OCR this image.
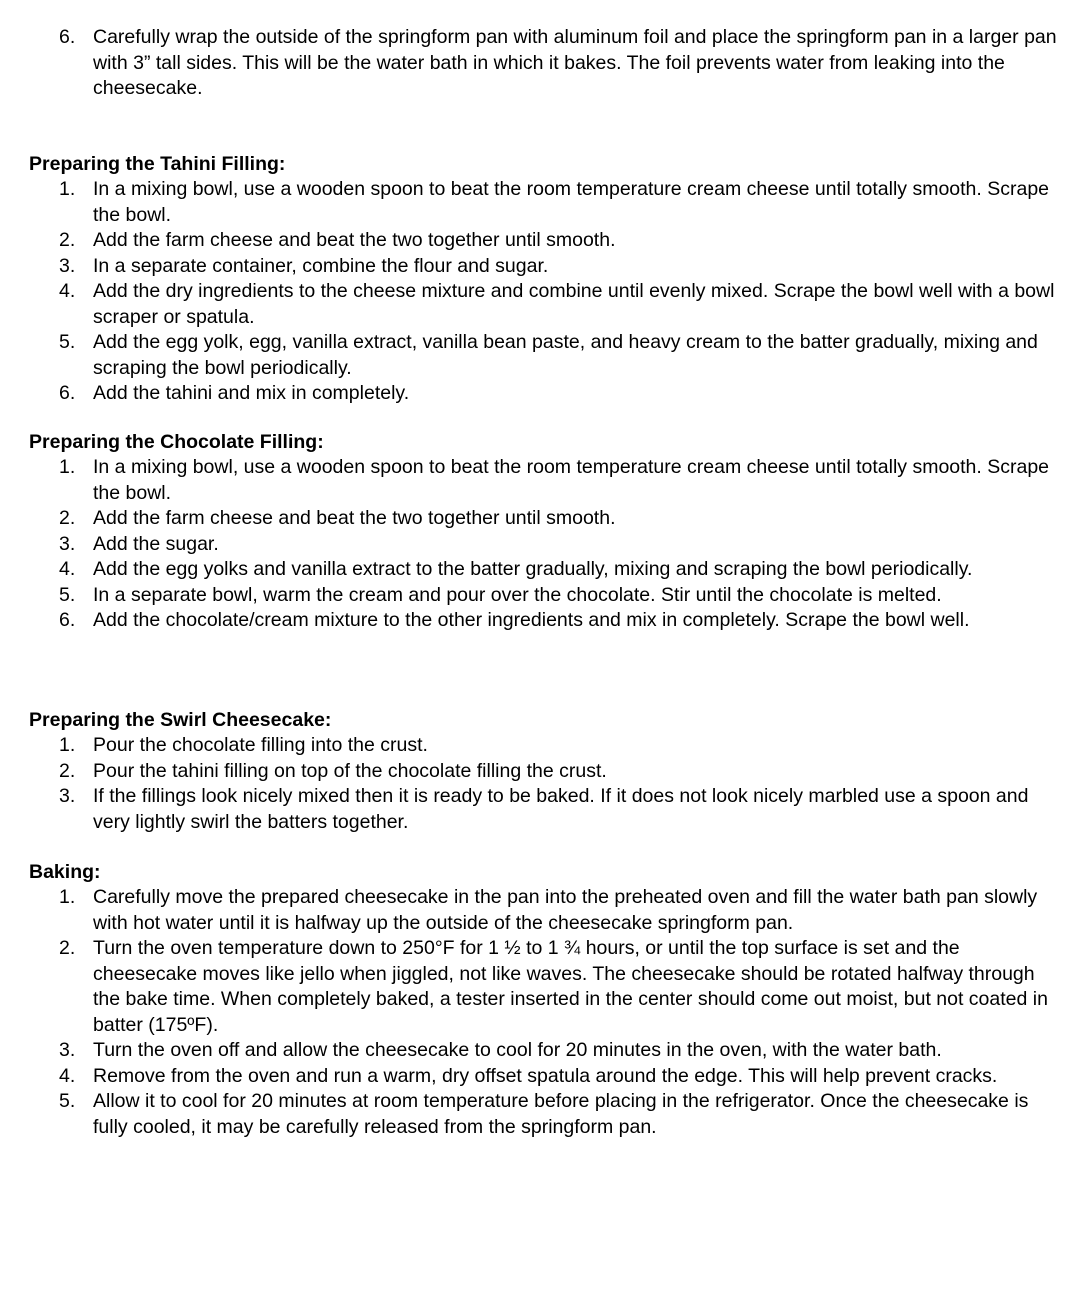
6. Carefully wrap the outside of the springform pan with aluminum foil and place the springform pan in a larger pan with 3” tall sides. This will be the water bath in which it bakes. The foil prevents water from leaking into the cheesecake.
Preparing the Tahini Filling:
1. In a mixing bowl, use a wooden spoon to beat the room temperature cream cheese until totally smooth. Scrape the bowl.
2. Add the farm cheese and beat the two together until smooth.
3. In a separate container, combine the flour and sugar.
4. Add the dry ingredients to the cheese mixture and combine until evenly mixed. Scrape the bowl well with a bowl scraper or spatula.
5. Add the egg yolk, egg, vanilla extract, vanilla bean paste, and heavy cream to the batter gradually, mixing and scraping the bowl periodically.
6. Add the tahini and mix in completely.
Preparing the Chocolate Filling:
1. In a mixing bowl, use a wooden spoon to beat the room temperature cream cheese until totally smooth. Scrape the bowl.
2. Add the farm cheese and beat the two together until smooth.
3. Add the sugar.
4. Add the egg yolks and vanilla extract to the batter gradually, mixing and scraping the bowl periodically.
5. In a separate bowl, warm the cream and pour over the chocolate. Stir until the chocolate is melted.
6. Add the chocolate/cream mixture to the other ingredients and mix in completely. Scrape the bowl well.
Preparing the Swirl Cheesecake:
1. Pour the chocolate filling into the crust.
2. Pour the tahini filling on top of the chocolate filling the crust.
3. If the fillings look nicely mixed then it is ready to be baked. If it does not look nicely marbled use a spoon and very lightly swirl the batters together.
Baking:
1. Carefully move the prepared cheesecake in the pan into the preheated oven and fill the water bath pan slowly with hot water until it is halfway up the outside of the cheesecake springform pan.
2. Turn the oven temperature down to 250°F for 1 ½ to 1 ¾ hours, or until the top surface is set and the cheesecake moves like jello when jiggled, not like waves. The cheesecake should be rotated halfway through the bake time. When completely baked, a tester inserted in the center should come out moist, but not coated in batter (175ºF).
3. Turn the oven off and allow the cheesecake to cool for 20 minutes in the oven, with the water bath.
4. Remove from the oven and run a warm, dry offset spatula around the edge. This will help prevent cracks.
5. Allow it to cool for 20 minutes at room temperature before placing in the refrigerator. Once the cheesecake is fully cooled, it may be carefully released from the springform pan.
